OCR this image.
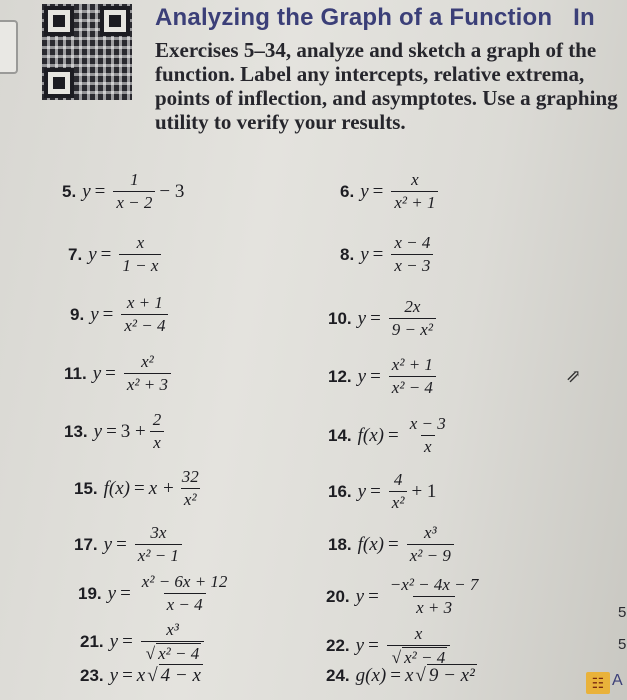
Analyzing the Graph of a Function In
Exercises 5–34, analyze and sketch a graph of the
function. Label any intercepts, relative extrema,
points of inflection, and asymptotes. Use a graphing
utility to verify your results.
5. $y = \frac{1}{x - 2} - 3$	6. $y = \frac{x}{\text{x² + 1}}$
7. $y = \frac{x}{1 - x}$	8. $y = \frac{x - 4}{x - 3}$
9. $y = \frac{x + 1}{\text{x² − 4}}$	10. $y = \frac{2x}{\text{9 − x²}}$
11. $y = \frac{\text{x²}}{\text{x² + 3}}$	12. $y = \frac{\text{x² + 1}}{\text{x² − 4}}$
13. $y = 3 + \frac{2}{x}$	14. $f(x) = \frac{x - 3}{x}$
15. $f(x) = x + \frac{32}{\text{x²}}$	16. $y = \frac{4}{\text{x²}} + 1$
17. $y = \frac{3x}{\text{x² − 1}}$	18. $f(x) = \frac{\text{x³}}{\text{x² − 9}}$
19. $y = \frac{\text{x² − 6x + 12}}{x - 4}$	20. $y = \frac{\text{−x² − 4x − 7}}{x + 3}$
21. $y = \frac{\text{x³}}{\text{√ x² − 4}}$	22. $y = \frac{x}{\text{√ x² − 4}}$
23. y = x √ 4 − x	24. g(x) = x √ 9 − x²
⇗
5
5
☷ A
